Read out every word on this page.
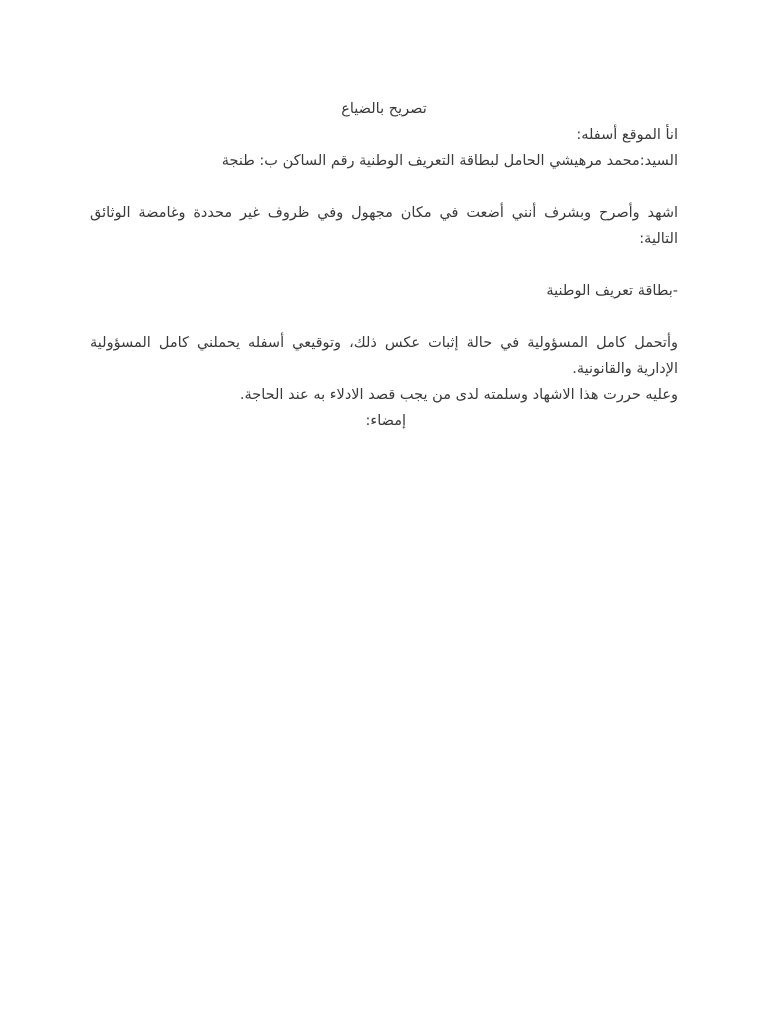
تصريح بالضياع

انأ الموقع أسفله:

السيد:محمد مرهيشي الحامل لبطاقة التعريف الوطنية رقم الساكن ب: طنجة

اشهد وأصرح وبشرف أنني أضعت في مكان مجهول وفي ظروف غير محددة وغامضة الوثائق التالية:

-بطاقة تعريف الوطنية

وأتحمل كامل المسؤولية في حالة إثبات عكس ذلك، وتوقيعي أسفله يحملني كامل المسؤولية الإدارية والقانونية.

وعليه حررت هذا الاشهاد وسلمته لدى من يجب قصد الادلاء به عند الحاجة.

إمضاء:
